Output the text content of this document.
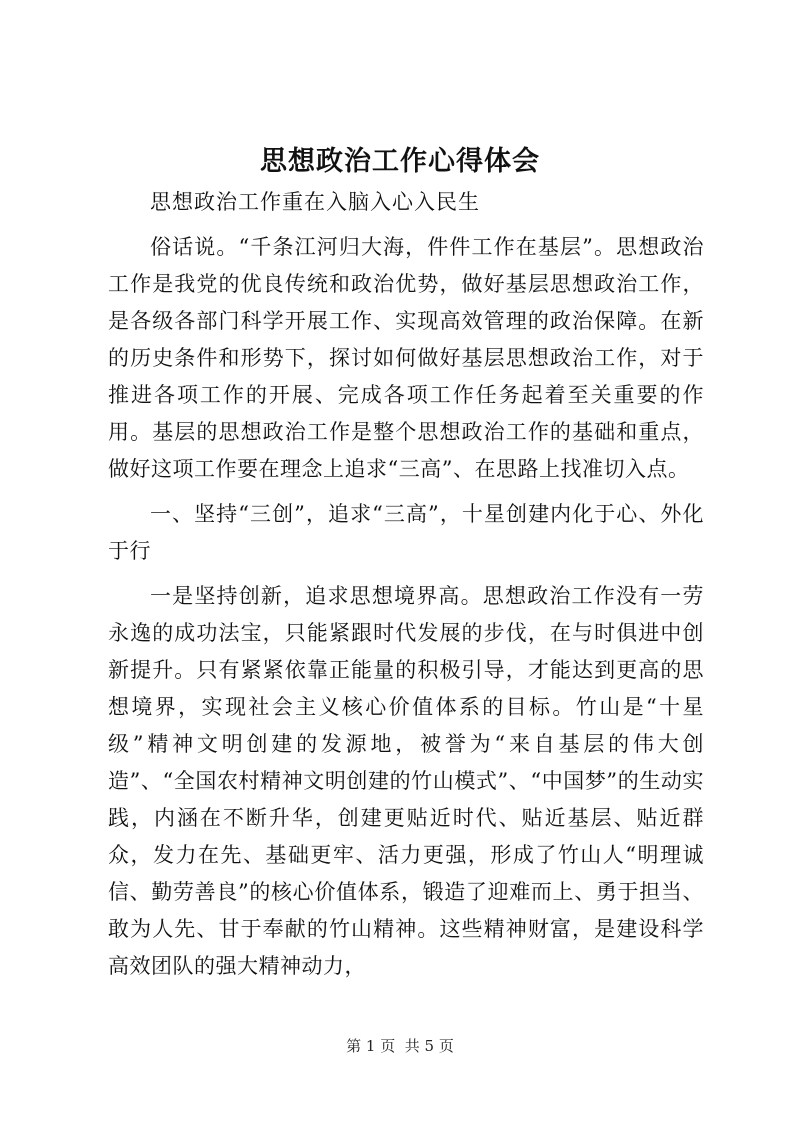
思想政治工作心得体会

思想政治工作重在入脑入心入民生

俗话说。“千条江河归大海，件件工作在基层”。思想政治工作是我党的优良传统和政治优势，做好基层思想政治工作，是各级各部门科学开展工作、实现高效管理的政治保障。在新的历史条件和形势下，探讨如何做好基层思想政治工作，对于推进各项工作的开展、完成各项工作任务起着至关重要的作用。基层的思想政治工作是整个思想政治工作的基础和重点，做好这项工作要在理念上追求“三高”、在思路上找准切入点。

一、坚持“三创”，追求“三高”，十星创建内化于心、外化于行

一是坚持创新，追求思想境界高。思想政治工作没有一劳永逸的成功法宝，只能紧跟时代发展的步伐，在与时俱进中创新提升。只有紧紧依靠正能量的积极引导，才能达到更高的思想境界，实现社会主义核心价值体系的目标。竹山是“十星级”精神文明创建的发源地，被誉为“来自基层的伟大创造”、“全国农村精神文明创建的竹山模式”、“中国梦”的生动实践，内涵在不断升华，创建更贴近时代、贴近基层、贴近群众，发力在先、基础更牢、活力更强，形成了竹山人“明理诚信、勤劳善良”的核心价值体系，锻造了迎难而上、勇于担当、敢为人先、甘于奉献的竹山精神。这些精神财富，是建设科学高效团队的强大精神动力，

第 1 页  共 5 页
